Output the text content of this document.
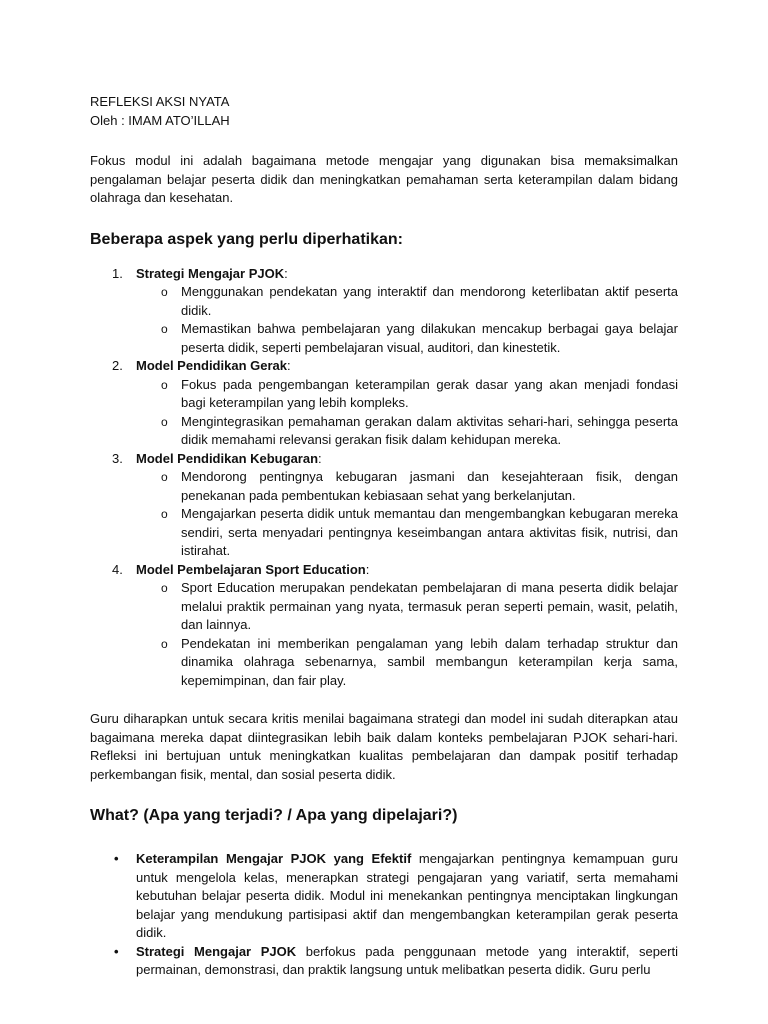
REFLEKSI AKSI NYATA

Oleh : IMAM ATO’ILLAH

Fokus modul ini adalah bagaimana metode mengajar yang digunakan bisa memaksimalkan pengalaman belajar peserta didik dan meningkatkan pemahaman serta keterampilan dalam bidang olahraga dan kesehatan.

Beberapa aspek yang perlu diperhatikan:
1. Strategi Mengajar PJOK:
o Menggunakan pendekatan yang interaktif dan mendorong keterlibatan aktif peserta didik.
o Memastikan bahwa pembelajaran yang dilakukan mencakup berbagai gaya belajar peserta didik, seperti pembelajaran visual, auditori, dan kinestetik.
2. Model Pendidikan Gerak:
o Fokus pada pengembangan keterampilan gerak dasar yang akan menjadi fondasi bagi keterampilan yang lebih kompleks.
o Mengintegrasikan pemahaman gerakan dalam aktivitas sehari-hari, sehingga peserta didik memahami relevansi gerakan fisik dalam kehidupan mereka.
3. Model Pendidikan Kebugaran:
o Mendorong pentingnya kebugaran jasmani dan kesejahteraan fisik, dengan penekanan pada pembentukan kebiasaan sehat yang berkelanjutan.
o Mengajarkan peserta didik untuk memantau dan mengembangkan kebugaran mereka sendiri, serta menyadari pentingnya keseimbangan antara aktivitas fisik, nutrisi, dan istirahat.
4. Model Pembelajaran Sport Education:
o Sport Education merupakan pendekatan pembelajaran di mana peserta didik belajar melalui praktik permainan yang nyata, termasuk peran seperti pemain, wasit, pelatih, dan lainnya.
o Pendekatan ini memberikan pengalaman yang lebih dalam terhadap struktur dan dinamika olahraga sebenarnya, sambil membangun keterampilan kerja sama, kepemimpinan, dan fair play.

Guru diharapkan untuk secara kritis menilai bagaimana strategi dan model ini sudah diterapkan atau bagaimana mereka dapat diintegrasikan lebih baik dalam konteks pembelajaran PJOK sehari-hari. Refleksi ini bertujuan untuk meningkatkan kualitas pembelajaran dan dampak positif terhadap perkembangan fisik, mental, dan sosial peserta didik.

What? (Apa yang terjadi? / Apa yang dipelajari?)
• Keterampilan Mengajar PJOK yang Efektif mengajarkan pentingnya kemampuan guru untuk mengelola kelas, menerapkan strategi pengajaran yang variatif, serta memahami kebutuhan belajar peserta didik. Modul ini menekankan pentingnya menciptakan lingkungan belajar yang mendukung partisipasi aktif dan mengembangkan keterampilan gerak peserta didik.
• Strategi Mengajar PJOK berfokus pada penggunaan metode yang interaktif, seperti permainan, demonstrasi, dan praktik langsung untuk melibatkan peserta didik. Guru perlu
